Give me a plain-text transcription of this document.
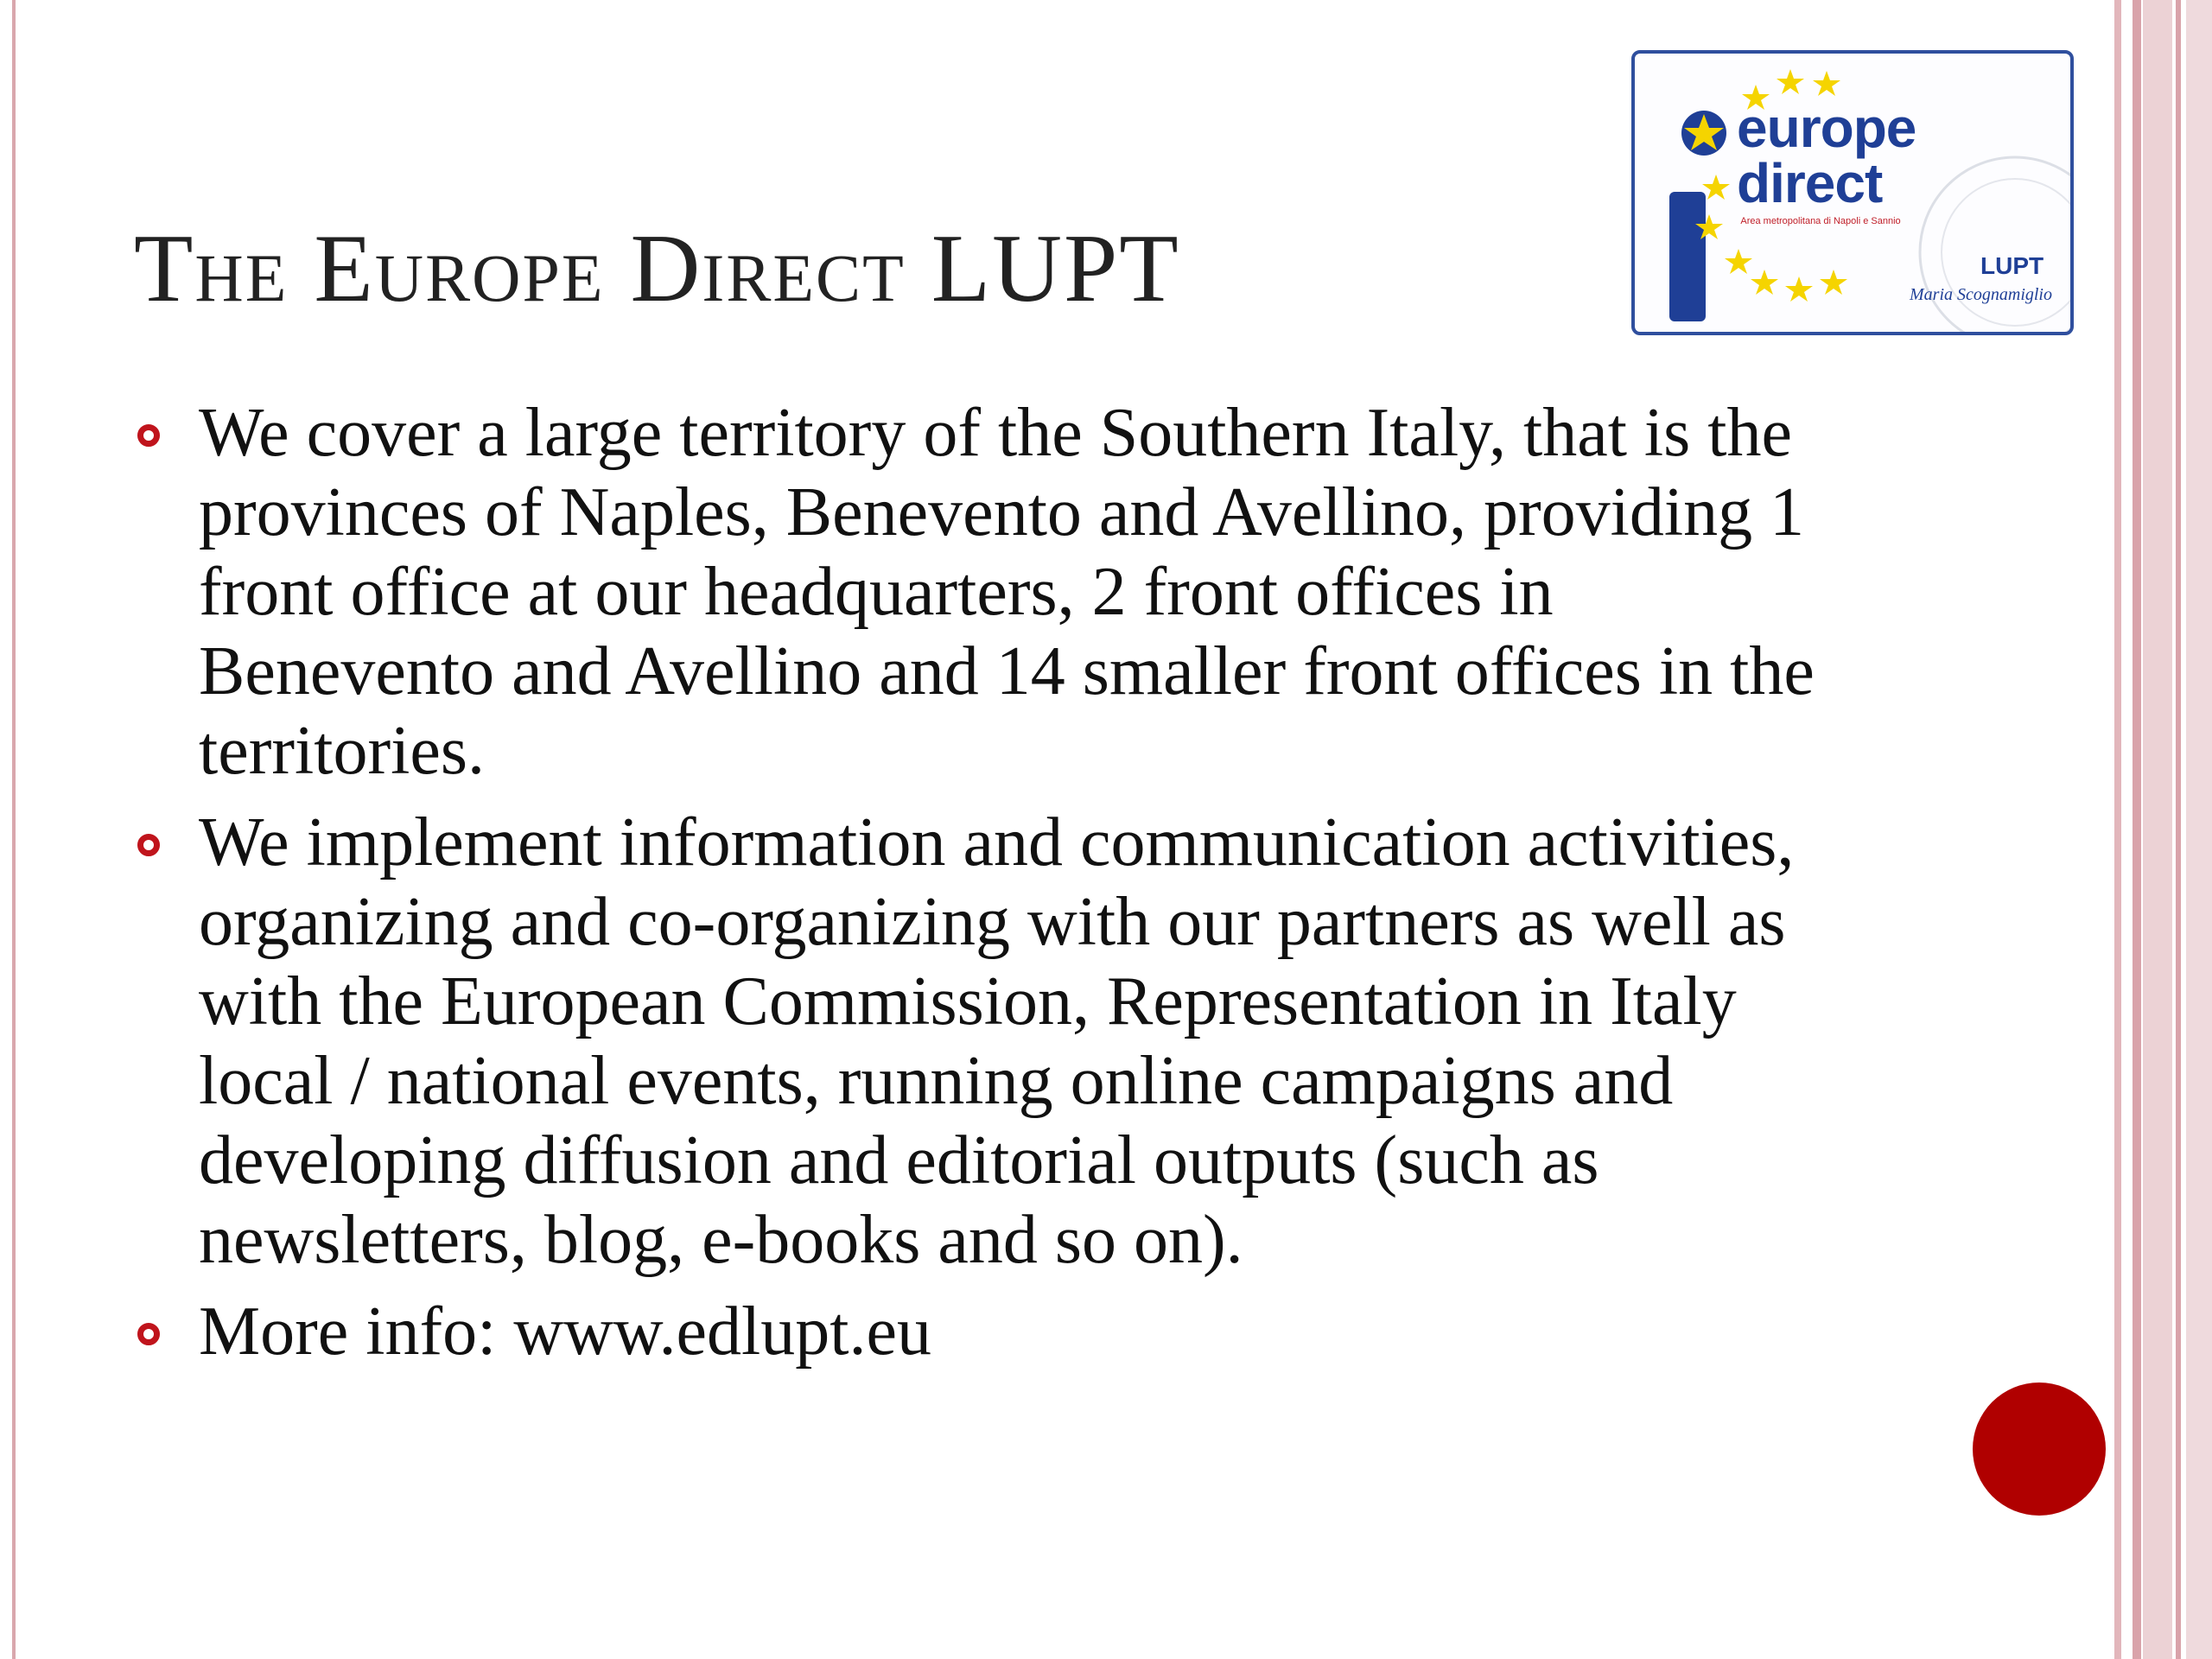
The Europe Direct LUPT
europe
direct
Area metropolitana di Napoli e Sannio
LUPT
Maria Scognamiglio
We cover a large territory of the Southern Italy, that is the provinces of Naples, Benevento and Avellino, providing 1 front office at our headquarters, 2 front offices in Benevento and Avellino and 14 smaller front offices in the territories.
We implement information and communication activities, organizing and co-organizing with our partners as well as with the European Commission, Representation in Italy local / national events, running online campaigns and developing diffusion and editorial outputs (such as newsletters, blog, e-books and so on).
More info: www.edlupt.eu
